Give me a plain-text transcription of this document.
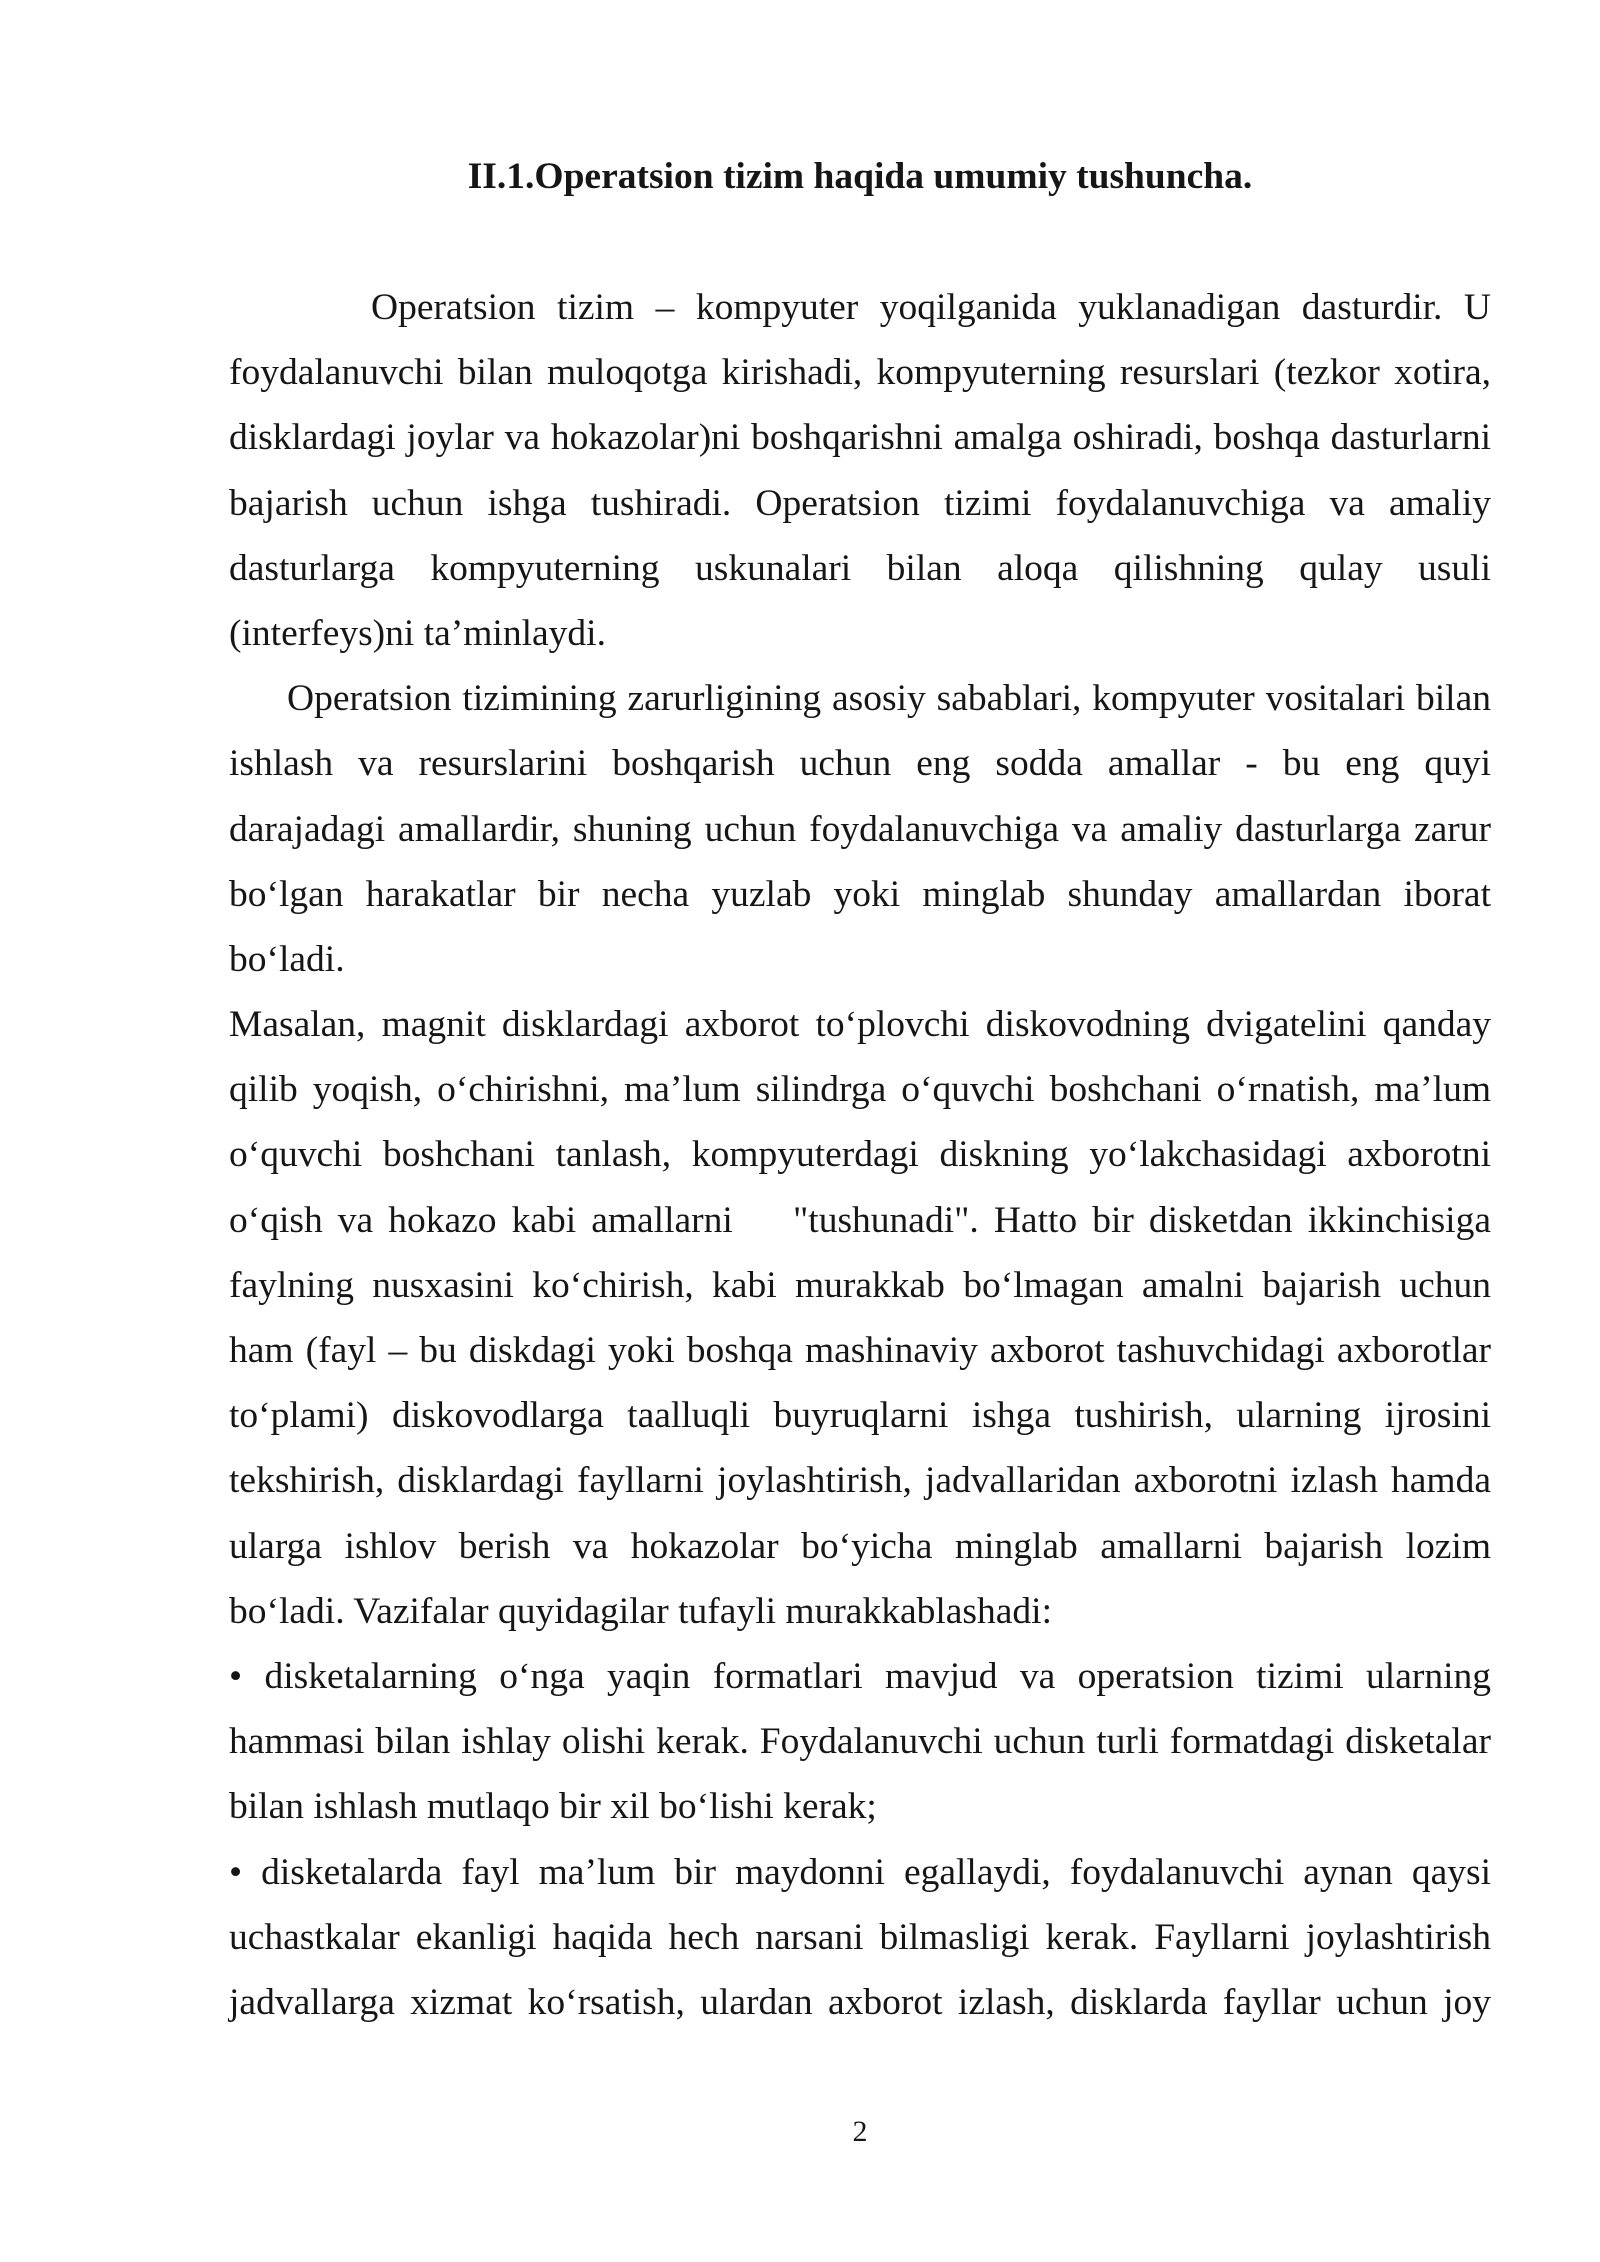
II.1.Operatsion tizim haqida umumiy tushuncha.
Operatsion tizim – kompyuter yoqilganida yuklanadigan dasturdir. U
foydalanuvchi bilan muloqotga kirishadi, kompyuterning resurslari (tezkor xotira,
disklardagi joylar va hokazolar)ni boshqarishni amalga oshiradi, boshqa dasturlarni
bajarish uchun ishga tushiradi. Operatsion tizimi foydalanuvchiga va amaliy
dasturlarga kompyuterning uskunalari bilan aloqa qilishning qulay usuli
(interfeys)ni ta’minlaydi.
Operatsion tizimining zarurligining asosiy sabablari, kompyuter vositalari bilan
ishlash va resurslarini boshqarish uchun eng sodda amallar - bu eng quyi
darajadagi amallardir, shuning uchun foydalanuvchiga va amaliy dasturlarga zarur
bo‘lgan harakatlar bir necha yuzlab yoki minglab shunday amallardan iborat
bo‘ladi.
Masalan, magnit disklardagi axborot to‘plovchi diskovodning dvigatelini qanday
qilib yoqish, o‘chirishni, ma’lum silindrga o‘quvchi boshchani o‘rnatish, ma’lum
o‘quvchi boshchani tanlash, kompyuterdagi diskning yo‘lakchasidagi axborotni
o‘qish va hokazo kabi amallarni    "tushunadi". Hatto bir disketdan ikkinchisiga
faylning nusxasini ko‘chirish, kabi murakkab bo‘lmagan amalni bajarish uchun
ham (fayl – bu diskdagi yoki boshqa mashinaviy axborot tashuvchidagi axborotlar
to‘plami) diskovodlarga taalluqli buyruqlarni ishga tushirish, ularning ijrosini
tekshirish, disklardagi fayllarni joylashtirish, jadvallaridan axborotni izlash hamda
ularga ishlov berish va hokazolar bo‘yicha minglab amallarni bajarish lozim
bo‘ladi. Vazifalar quyidagilar tufayli murakkablashadi:
• disketalarning o‘nga yaqin formatlari mavjud va operatsion tizimi ularning
hammasi bilan ishlay olishi kerak. Foydalanuvchi uchun turli formatdagi disketalar
bilan ishlash mutlaqo bir xil bo‘lishi kerak;
• disketalarda fayl ma’lum bir maydonni egallaydi, foydalanuvchi aynan qaysi
uchastkalar ekanligi haqida hech narsani bilmasligi kerak. Fayllarni joylashtirish
jadvallarga xizmat ko‘rsatish, ulardan axborot izlash, disklarda fayllar uchun joy
2
